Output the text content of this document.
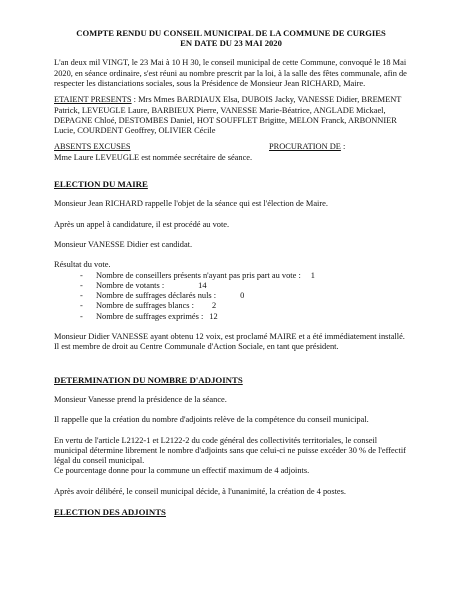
COMPTE RENDU DU CONSEIL MUNICIPAL DE LA COMMUNE DE CURGIES

EN DATE DU 23 MAI 2020

L'an deux mil VINGT, le 23 Mai à 10 H 30, le conseil municipal de cette Commune, convoqué le 18 Mai 2020, en séance ordinaire, s'est réuni au nombre prescrit par la loi, à la salle des fêtes communale, afin de respecter les distanciations sociales, sous la Présidence de Monsieur Jean RICHARD, Maire.

ETAIENT PRESENTS : Mrs Mmes BARDIAUX Elsa, DUBOIS Jacky, VANESSE Didier, BREMENT Patrick, LEVEUGLE Laure, BARBIEUX Pierre, VANESSE Marie-Béatrice, ANGLADE Mickael, DEPAGNE Chloé, DESTOMBES Daniel, HOT SOUFFLET Brigitte, MELON Franck, ARBONNIER Lucie, COURDENT Geoffrey, OLIVIER Cécile

ABSENTS EXCUSES	PROCURATION DE :

Mme Laure LEVEUGLE est nommée secrétaire de séance.

ELECTION DU MAIRE

Monsieur Jean RICHARD rappelle l'objet de la séance qui est l'élection de Maire.

Après un appel à candidature, il est procédé au vote.

Monsieur VANESSE Didier est candidat.

Résultat du vote.

-	Nombre de conseillers présents n'ayant pas pris part au vote :	1
-	Nombre de votants :	14
-	Nombre de suffrages déclarés nuls :	0
-	Nombre de suffrages blancs :	2
-	Nombre de suffrages exprimés : 12

Monsieur Didier VANESSE ayant obtenu 12 voix, est proclamé MAIRE et a été immédiatement installé.

Il est membre de droit au Centre Communale d'Action Sociale, en tant que président.

DETERMINATION DU NOMBRE D'ADJOINTS

Monsieur Vanesse prend la présidence de la séance.

Il rappelle que la création du nombre d'adjoints relève de la compétence du conseil municipal.

En vertu de l'article L2122-1 et L2122-2 du code général des collectivités territoriales, le conseil municipal détermine librement le nombre d'adjoints sans que celui-ci ne puisse excéder 30 % de l'effectif légal du conseil municipal.

Ce pourcentage donne pour la commune un effectif maximum de 4 adjoints.

Après avoir délibéré, le conseil municipal décide, à l'unanimité, la création de 4 postes.

ELECTION DES ADJOINTS
